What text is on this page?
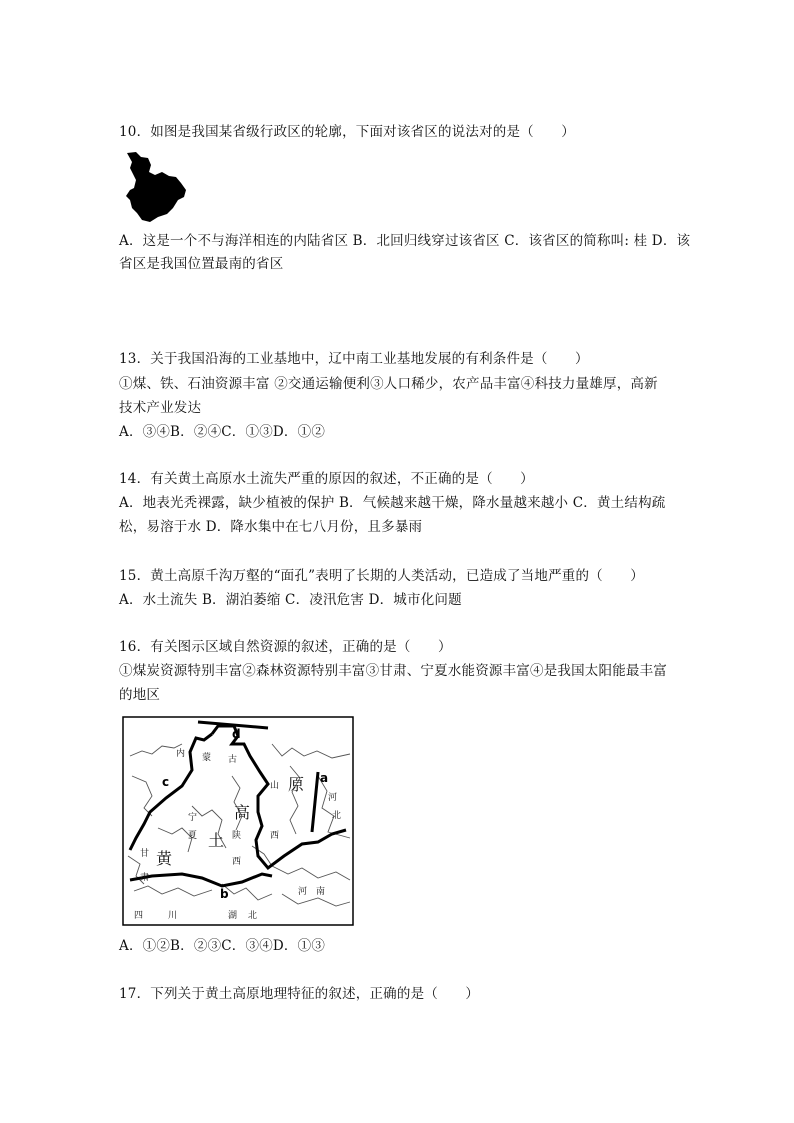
10．如图是我国某省级行政区的轮廓，下面对该省区的说法对的是（　　）
A．这是一个不与海洋相连的内陆省区 B．北回归线穿过该省区 C．该省区的简称叫: 桂 D．该
省区是我国位置最南的省区
13．关于我国沿海的工业基地中，辽中南工业基地发展的有利条件是（　　）
①煤、铁、石油资源丰富 ②交通运输便利③人口稀少，农产品丰富④科技力量雄厚，高新
技术产业发达
A．③④B．②④C．①③D．①②
14．有关黄土高原水土流失严重的原因的叙述，不正确的是（　　）
A．地表光秃裸露，缺少植被的保护 B．气候越来越干燥，降水量越来越小 C．黄土结构疏
松，易溶于水 D．降水集中在七八月份，且多暴雨
15．黄土高原千沟万壑的“面孔”表明了长期的人类活动，已造成了当地严重的（　　）
A．水土流失 B．湖泊萎缩 C．凌汛危害 D．城市化问题
16．有关图示区域自然资源的叙述，正确的是（　　）
①煤炭资源特别丰富②森林资源特别丰富③甘肃、宁夏水能资源丰富④是我国太阳能最丰富
的地区
内 蒙 古
宁
夏	陕
西
山
西
河
北
甘
肃
河 南
四	川	湖 北
土
高
原
黄
a
b
c
d
A．①②B．②③C．③④D．①③
17．下列关于黄土高原地理特征的叙述，正确的是（　　）
